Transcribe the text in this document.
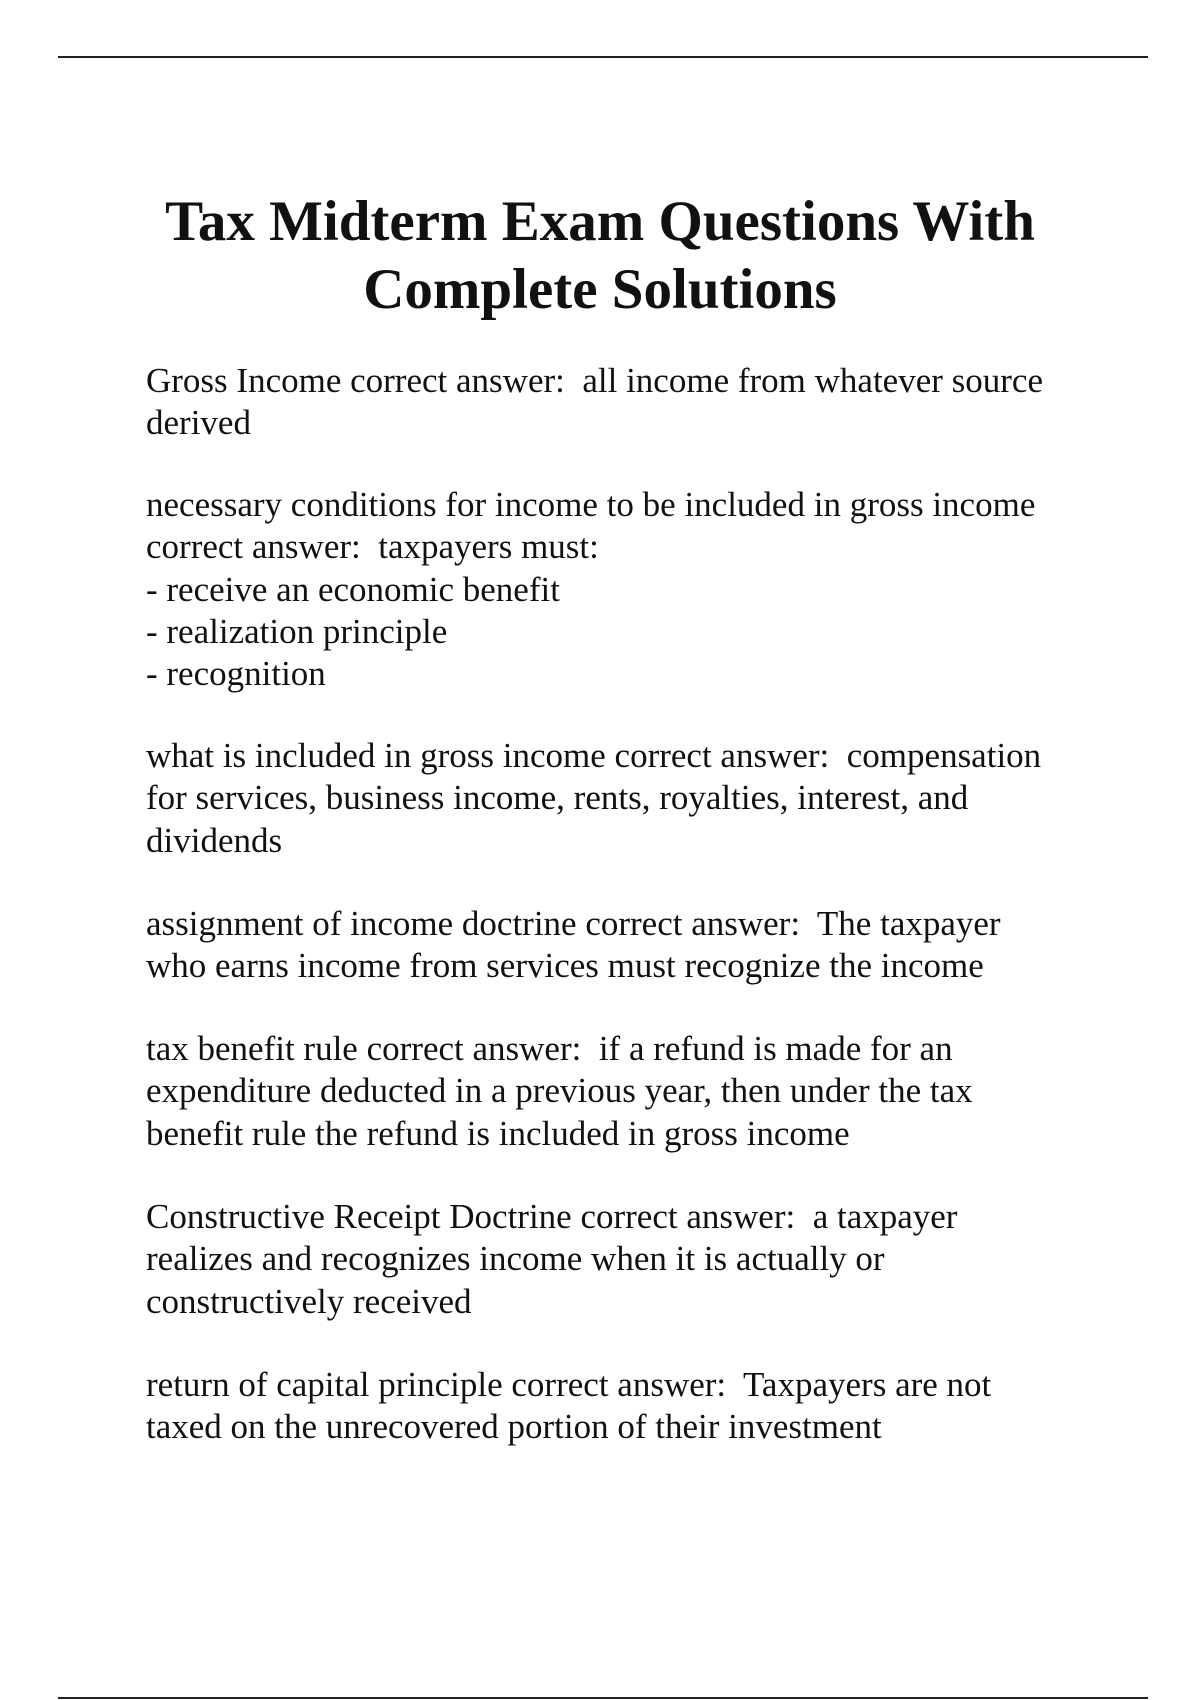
Tax Midterm Exam Questions With
Complete Solutions
Gross Income correct answer:  all income from whatever source
derived
necessary conditions for income to be included in gross income
correct answer:  taxpayers must:
- receive an economic benefit
- realization principle
- recognition
what is included in gross income correct answer:  compensation
for services, business income, rents, royalties, interest, and
dividends
assignment of income doctrine correct answer:  The taxpayer
who earns income from services must recognize the income
tax benefit rule correct answer:  if a refund is made for an
expenditure deducted in a previous year, then under the tax
benefit rule the refund is included in gross income
Constructive Receipt Doctrine correct answer:  a taxpayer
realizes and recognizes income when it is actually or
constructively received
return of capital principle correct answer:  Taxpayers are not
taxed on the unrecovered portion of their investment
